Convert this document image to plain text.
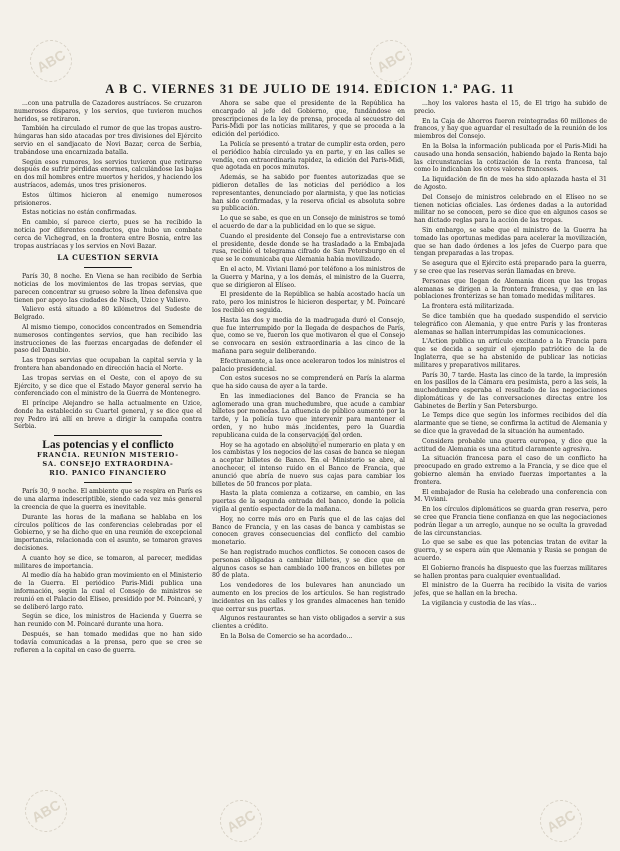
ABC	ABC
ABC
ABC	ABC	ABC
A B C. VIERNES 31 DE JULIO DE 1914. EDICION 1.ª PAG. 11

...con una patrulla de Cazadores austríacos. Se cruzaron numerosos disparos, y los servios, que tuvieron muchos heridos, se retiraron.

También ha circulado el rumor de que las tropas austro-húngaras han sido atacadas por tres divisiones del Ejército servio en el sandjacato de Novi Bazar, cerca de Serbia, trabándose una encarnizada batalla.

Según esos rumores, los servios tuvieron que retirarse después de sufrir pérdidas enormes, calculándose las bajas en dos mil hombres entre muertos y heridos, y haciendo los austríacos, además, unos tres prisioneros.

Estos últimos hicieron al enemigo numerosos prisioneros.

Estas noticias no están confirmadas.

En cambio, sí parece cierto, pues se ha recibido la noticia por diferentes conductos, que hubo un combate cerca de Vichegrad, en la frontera entre Bosnia, entre las tropas austríacas y los servios en Novi Bazar.

LA CUESTION SERVIA

París 30, 8 noche. En Viena se han recibido de Serbia noticias de los movimientos de las tropas servias, que parecen concentrar su grueso sobre la línea defensiva que tienen por apoyo las ciudades de Nisch, Uzice y Valievo.

Valievo está situado a 80 kilómetros del Sudeste de Belgrado.

Al mismo tiempo, conocidos concentrados en Semendria numerosos contingentes servios, que han recibido las instrucciones de las fuerzas encargadas de defender el paso del Danubio.

Las tropas servias que ocupaban la capital servia y la frontera han abandonado en dirección hacia el Norte.

Las tropas servias en el Oeste, con el apoyo de su Ejército, y se dice que el Estado Mayor general servio ha conferenciado con el ministro de la Guerra de Montenegro.

El príncipe Alejandro se halla actualmente en Uzice, donde ha establecido su Cuartel general, y se dice que el rey Pedro irá allí en breve a dirigir la campaña contra Serbia.

Las potencias y el conflicto
FRANCIA. REUNION MISTERIO-
SA. CONSEJO EXTRAORDINA-
RIO. PANICO FINANCIERO

París 30, 9 noche. El ambiente que se respira en París es de una alarma indescriptible, siendo cada vez más general la creencia de que la guerra es inevitable.

Durante las horas de la mañana se hablaba en los círculos políticos de las conferencias celebradas por el Gobierno, y se ha dicho que en una reunión de excepcional importancia, relacionada con el asunto, se tomaron graves decisiones.

A cuanto hoy se dice, se tomaron, al parecer, medidas militares de importancia.

Al medio día ha habido gran movimiento en el Ministerio de la Guerra. El periódico Paris-Midi publica una información, según la cual el Consejo de ministros se reunió en el Palacio del Elíseo, presidido por M. Poincaré, y se deliberó largo rato.

Según se dice, los ministros de Hacienda y Guerra se han reunido con M. Poincaré durante una hora.

Después, se han tomado medidas que no han sido todavía comunicadas a la prensa, pero que se cree se refieren a la capital en caso de guerra.

Ahora se sabe que el presidente de la República ha encargado al jefe del Gobierno, que, fundándose en prescripciones de la ley de prensa, proceda al secuestro del Paris-Midi por las noticias militares, y que se proceda a la edición del periódico.

La Policía se presentó a tratar de cumplir esta orden, pero el periódico había circulado ya en parte, y en las calles se vendía, con extraordinaria rapidez, la edición del Paris-Midi, que agotada en pocos minutos.

Además, se ha sabido por fuentes autorizadas que se pidieron detalles de las noticias del periódico a los representantes, denunciado por alarmista, y que las noticias han sido confirmadas, y la reserva oficial es absoluta sobre su publicación.

Lo que se sabe, es que en un Consejo de ministros se tomó el acuerdo de dar a la publicidad en lo que se sigue.

Cuando el presidente del Consejo fue a entrevistarse con el presidente, desde donde se ha trasladado a la Embajada rusa, recibió el telegrama cifrado de San Petersburgo en el que se le comunicaba que Alemania había movilizado.

En el acto, M. Viviani llamó por teléfono a los ministros de la Guerra y Marina, y a los demás, el ministro de la Guerra, que se dirigieron al Elíseo.

El presidente de la República se había acostado hacía un rato, pero los ministros le hicieron despertar, y M. Poincaré los recibió en seguida.

Hasta las dos y media de la madrugada duró el Consejo, que fue interrumpido por la llegada de despachos de París, que, como se ve, fueron los que motivaron el que el Consejo se convocara en sesión extraordinaria a las cinco de la mañana para seguir deliberando.

Efectivamente, a las once aceleraron todos los ministros el palacio presidencial.

Con estos sucesos no se comprenderá en París la alarma que ha sido causa de ayer a la tarde.

En las inmediaciones del Banco de Francia se ha aglomerado una gran muchedumbre, que acude a cambiar billetes por monedas. La afluencia de público aumentó por la tarde, y la policía tuvo que intervenir para mantener el orden, y no hubo más incidentes, pero la Guardia republicana cuida de la conservación del orden.

Hoy se ha agotado en absoluto el numerario en plata y en los cambistas y los negocios de las casas de banca se niegan a aceptar billetes de Banco. En el Ministerio se abre, al anochecer, el intenso ruido en el Banco de Francia, que anunció que abría de nuevo sus cajas para cambiar los billetes de 50 francos por plata.

Hasta la plata comienza a cotizarse, en cambio, en las puertas de la segunda entrada del banco, donde la policía vigila al gentío espectador de la mañana.

Hoy, no corre más oro en París que el de las cajas del Banco de Francia, y en las casas de banca y cambistas se conocen graves consecuencias del conflicto del cambio monetario.

Se han registrado muchos conflictos. Se conocen casos de personas obligadas a cambiar billetes, y se dice que en algunos casos se han cambiado 100 francos en billetes por 80 de plata.

Los vendedores de los bulevares han anunciado un aumento en los precios de los artículos. Se han registrado incidentes en las calles y los grandes almacenes han tenido que cerrar sus puertas.

Algunos restaurantes se han visto obligados a servir a sus clientes a crédito.

En la Bolsa de Comercio se ha acordado...

...hoy los valores hasta el 15, de El trigo ha subido de precio.

En la Caja de Ahorros fueron reintegradas 60 millones de francos, y hay que aguardar el resultado de la reunión de los miembros del Consejo.

En la Bolsa la información publicada por el Paris-Midi ha causado una honda sensación, habiendo bajado la Renta bajo las circunstancias la cotización de la renta francesa, tal como lo indicaban los otros valores franceses.

La liquidación de fin de mes ha sido aplazada hasta el 31 de Agosto.

Del Consejo de ministros celebrado en el Elíseo no se tienen noticias oficiales. Las órdenes dadas a la autoridad militar no se conocen, pero se dice que en algunos casos se han dictado reglas para la acción de las tropas.

Sin embargo, se sabe que el ministro de la Guerra ha tomado las oportunas medidas para acelerar la movilización, que se han dado órdenes a los jefes de Cuerpo para que tengan preparadas a las tropas.

Se asegura que el Ejército está preparado para la guerra, y se cree que las reservas serán llamadas en breve.

Personas que llegan de Alemania dicen que las tropas alemanas se dirigen a la frontera francesa, y que en las poblaciones fronterizas se han tomado medidas militares.

La frontera está militarizada.

Se dice también que ha quedado suspendido el servicio telegráfico con Alemania, y que entre París y las fronteras alemanas se hallan interrumpidas las comunicaciones.

L'Action publica un artículo excitando a la Francia para que se decida a seguir el ejemplo patriótico de la de Inglaterra, que se ha abstenido de publicar las noticias militares y preparativos militares.

París 30, 7 tarde. Hasta las cinco de la tarde, la impresión en los pasillos de la Cámara era pesimista, pero a las seis, la muchedumbre esperaba el resultado de las negociaciones diplomáticas y de las conversaciones directas entre los Gabinetes de Berlín y San Petersburgo.

Le Temps dice que según los informes recibidos del día alarmante que se tiene, se confirma la actitud de Alemania y se dice que la gravedad de la situación ha aumentado.

Considera probable una guerra europea, y dice que la actitud de Alemania es una actitud claramente agresiva.

La situación francesa para el caso de un conflicto ha preocupado en grado extremo a la Francia, y se dice que el gobierno alemán ha enviado fuerzas importantes a la frontera.

El embajador de Rusia ha celebrado una conferencia con M. Viviani.

En los círculos diplomáticos se guarda gran reserva, pero se cree que Francia tiene confianza en que las negociaciones podrán llegar a un arreglo, aunque no se oculta la gravedad de las circunstancias.

Lo que se sabe es que las potencias tratan de evitar la guerra, y se espera aún que Alemania y Rusia se pongan de acuerdo.

El Gobierno francés ha dispuesto que las fuerzas militares se hallen prontas para cualquier eventualidad.

El ministro de la Guerra ha recibido la visita de varios jefes, que se hallan en la brecha.

La vigilancia y custodia de las vías...
